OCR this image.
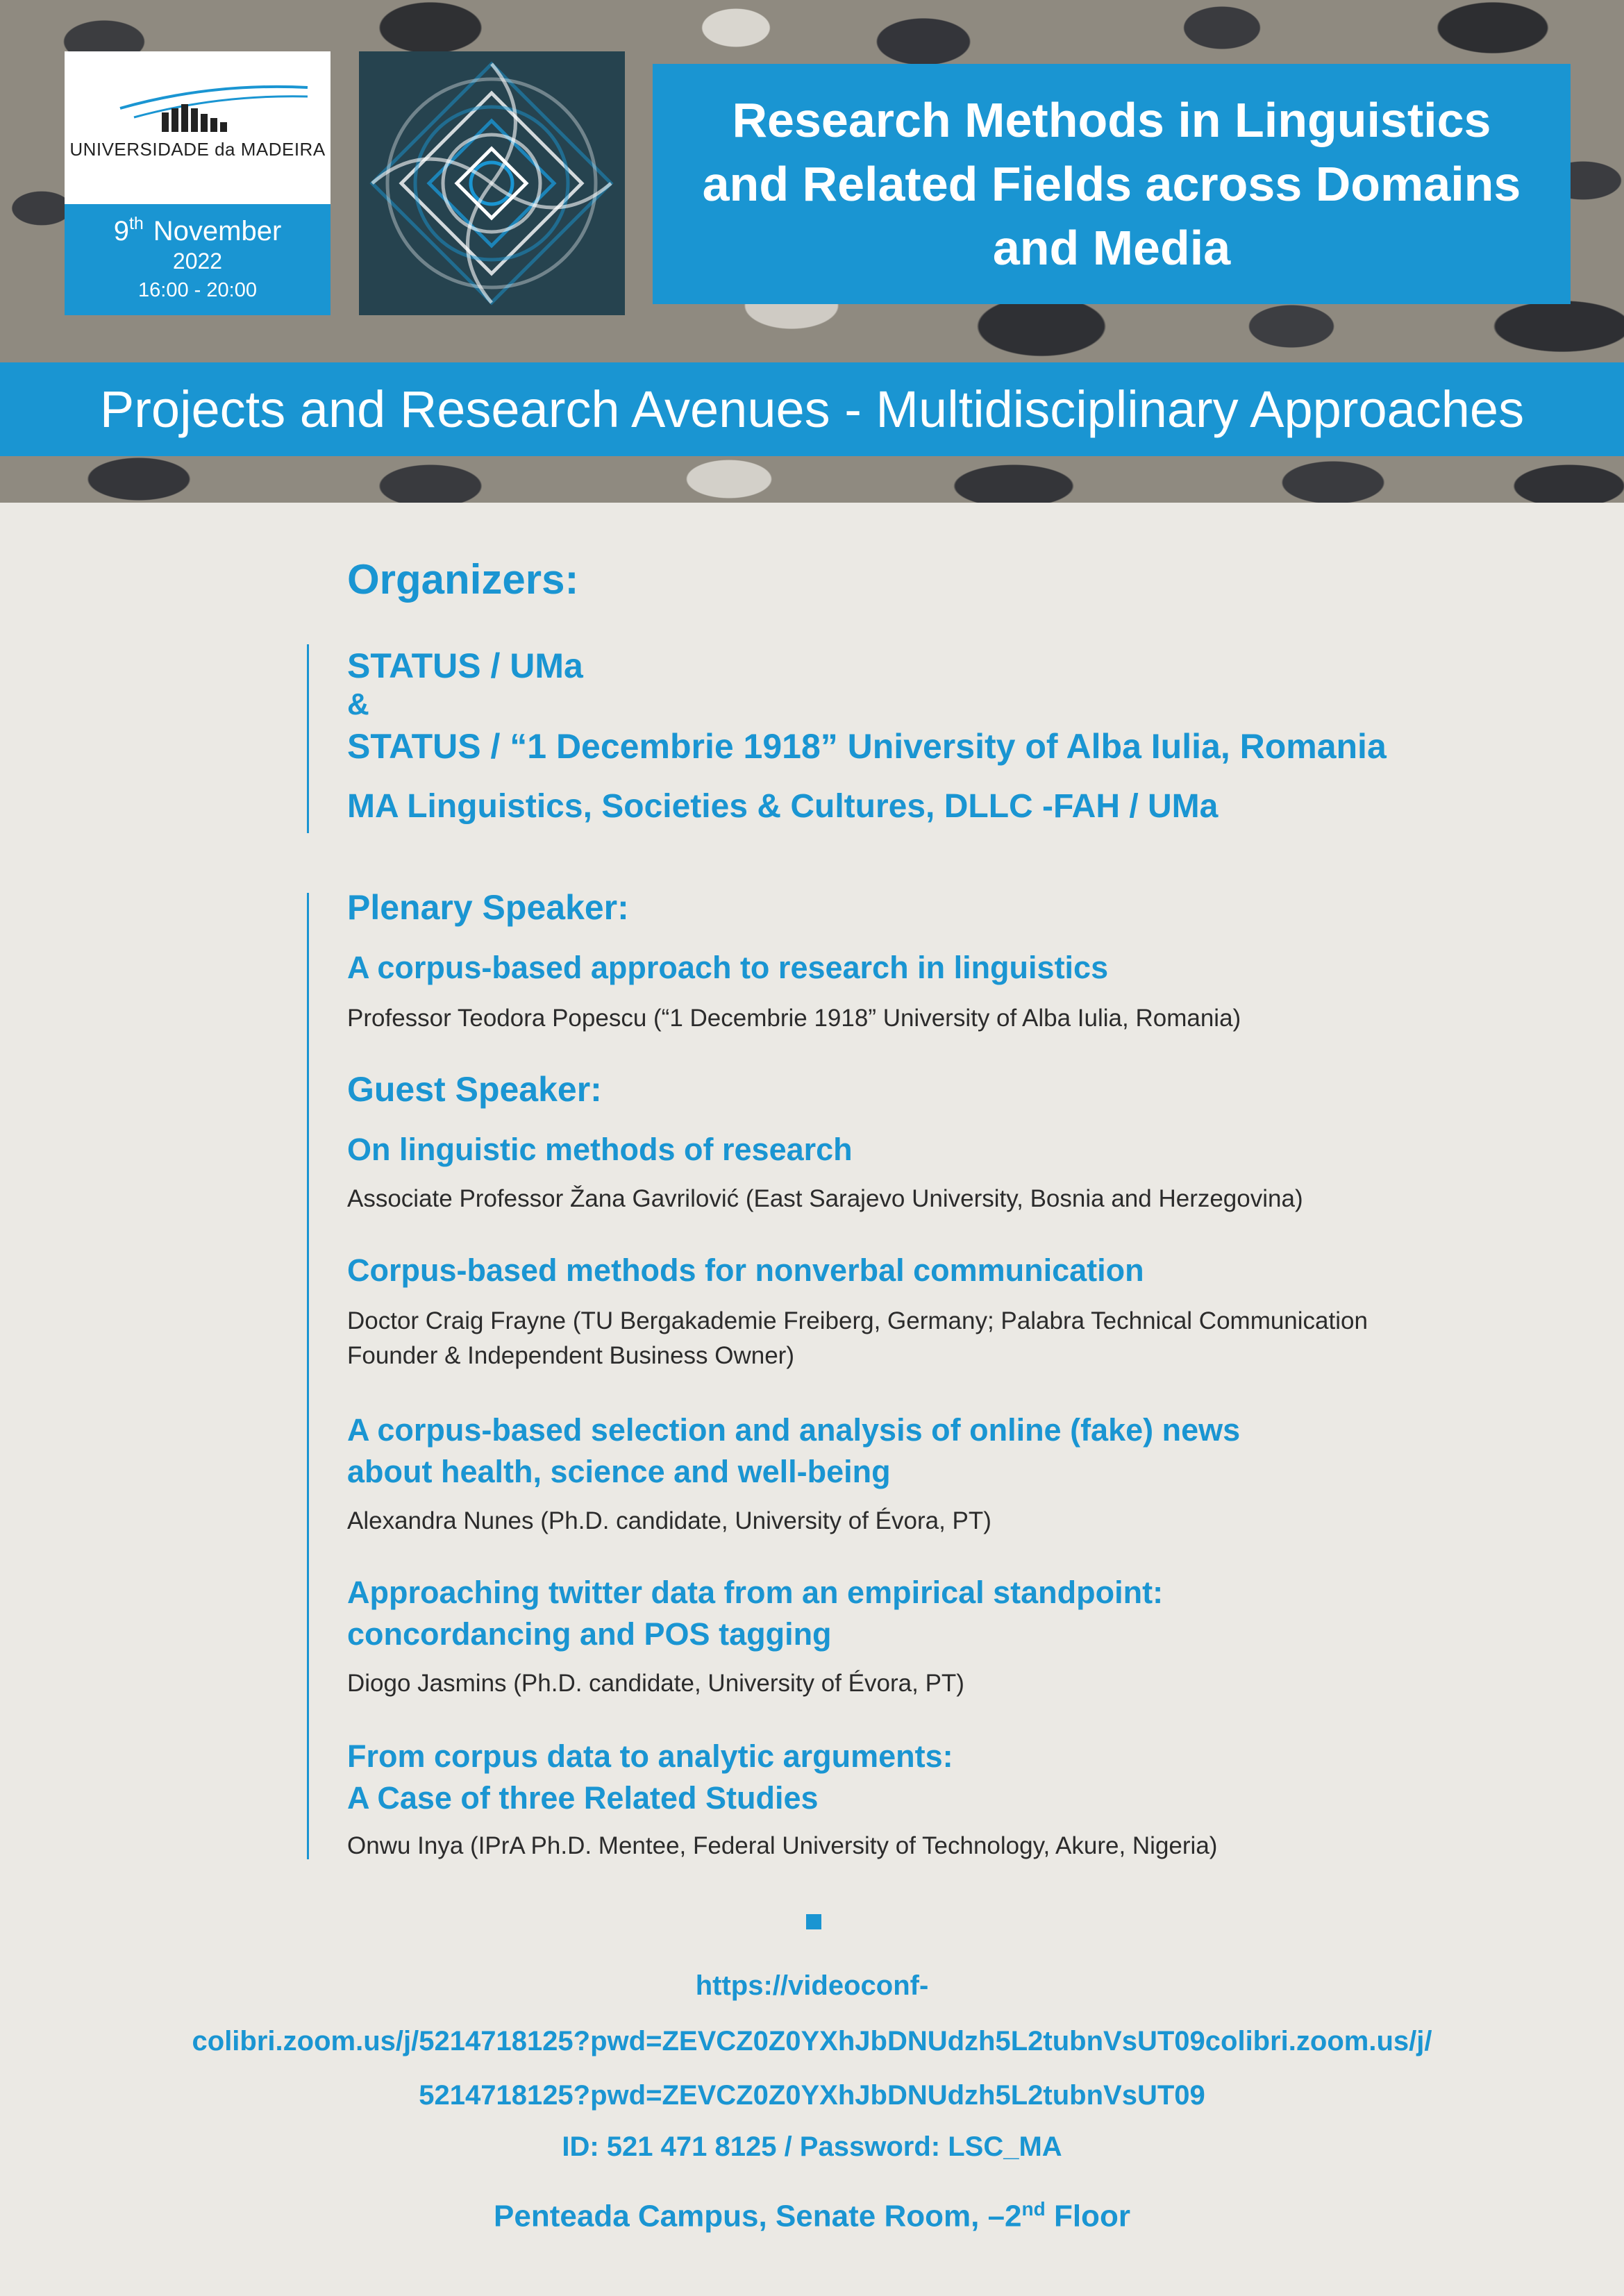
UNIVERSIDADE da MADEIRA
9th November
2022
16:00 - 20:00
Research Methods in Linguistics
and Related Fields across Domains
and Media
Projects and Research Avenues - Multidisciplinary Approaches
Organizers:
STATUS / UMa
&
STATUS / “1 Decembrie 1918” University of Alba Iulia, Romania
MA Linguistics, Societies & Cultures, DLLC -FAH / UMa
Plenary Speaker:
A corpus-based approach to research in linguistics
Professor Teodora Popescu (“1 Decembrie 1918” University of Alba Iulia, Romania)
Guest Speaker:
On linguistic methods of research
Associate Professor Žana Gavrilović (East Sarajevo University, Bosnia and Herzegovina)
Corpus-based methods for nonverbal communication
Doctor Craig Frayne (TU Bergakademie Freiberg, Germany; Palabra Technical Communication
Founder & Independent Business Owner)
A corpus-based selection and analysis of online (fake) news
about health, science and well-being
Alexandra Nunes (Ph.D. candidate, University of Évora, PT)
Approaching twitter data from an empirical standpoint:
concordancing and POS tagging
Diogo Jasmins (Ph.D. candidate, University of Évora, PT)
From corpus data to analytic arguments:
A Case of three Related Studies
Onwu Inya (IPrA Ph.D. Mentee, Federal University of Technology, Akure, Nigeria)
https://videoconf-
colibri.zoom.us/j/5214718125?pwd=ZEVCZ0Z0YXhJbDNUdzh5L2tubnVsUT09colibri.zoom.us/j/
5214718125?pwd=ZEVCZ0Z0YXhJbDNUdzh5L2tubnVsUT09
ID: 521 471 8125 / Password: LSC_MA
Penteada Campus, Senate Room, –2nd Floor
